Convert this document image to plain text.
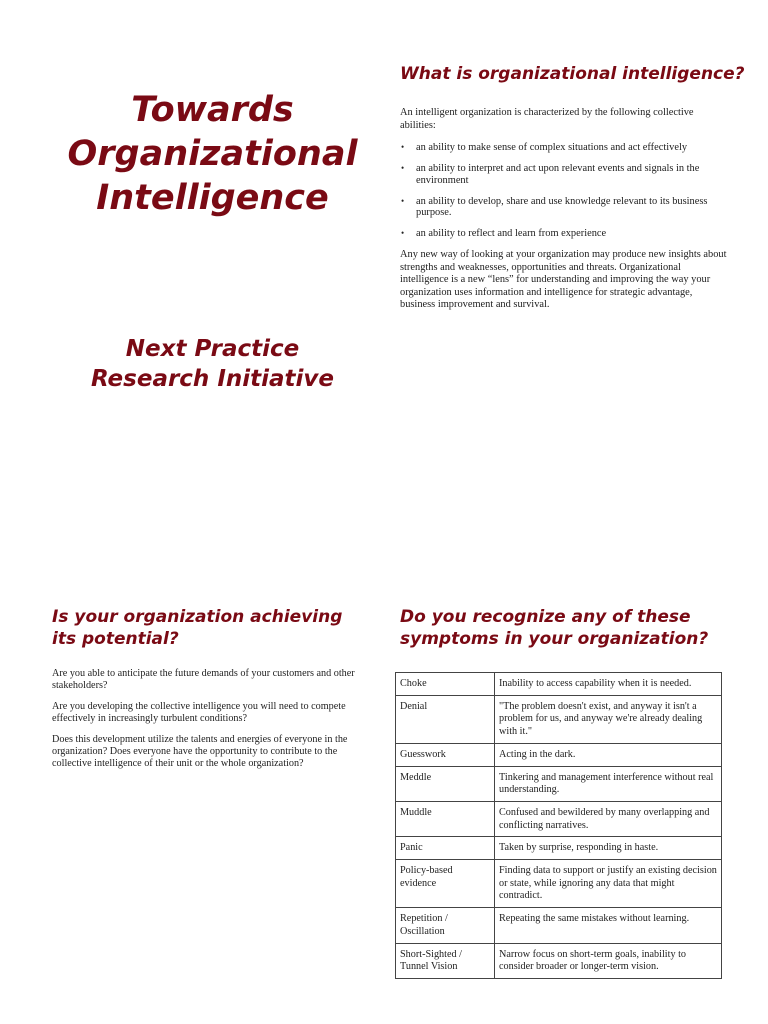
Towards
Organizational
Intelligence
Next Practice
Research Initiative
What is organizational intelligence?

An intelligent organization is characterized by the following collective abilities:

• an ability to make sense of complex situations and act effectively
• an ability to interpret and act upon relevant events and signals in the environment
• an ability to develop, share and use knowledge relevant to its business purpose.
• an ability to reflect and learn from experience

Any new way of looking at your organization may produce new insights about strengths and weaknesses, opportunities and threats. Organizational intelligence is a new “lens” for understanding and improving the way your organization uses information and intelligence for strategic advantage, business improvement and survival.

Is your organization achieving its potential?

Are you able to anticipate the future demands of your customers and other stakeholders?

Are you developing the collective intelligence you will need to compete effectively in increasingly turbulent conditions?

Does this development utilize the talents and energies of everyone in the organization? Does everyone have the opportunity to contribute to the collective intelligence of their unit or the whole organization?

Do you recognize any of these symptoms in your organization?
Choke	Inability to access capability when it is needed.
Denial	"The problem doesn't exist, and anyway it isn't a problem for us, and anyway we're already dealing with it."
Guesswork	Acting in the dark.
Meddle	Tinkering and management interference without real understanding.
Muddle	Confused and bewildered by many overlapping and conflicting narratives.
Panic	Taken by surprise, responding in haste.
Policy-based evidence	Finding data to support or justify an existing decision or state, while ignoring any data that might contradict.
Repetition / Oscillation	Repeating the same mistakes without learning.
Short-Sighted / Tunnel Vision	Narrow focus on short-term goals, inability to consider broader or longer-term vision.
